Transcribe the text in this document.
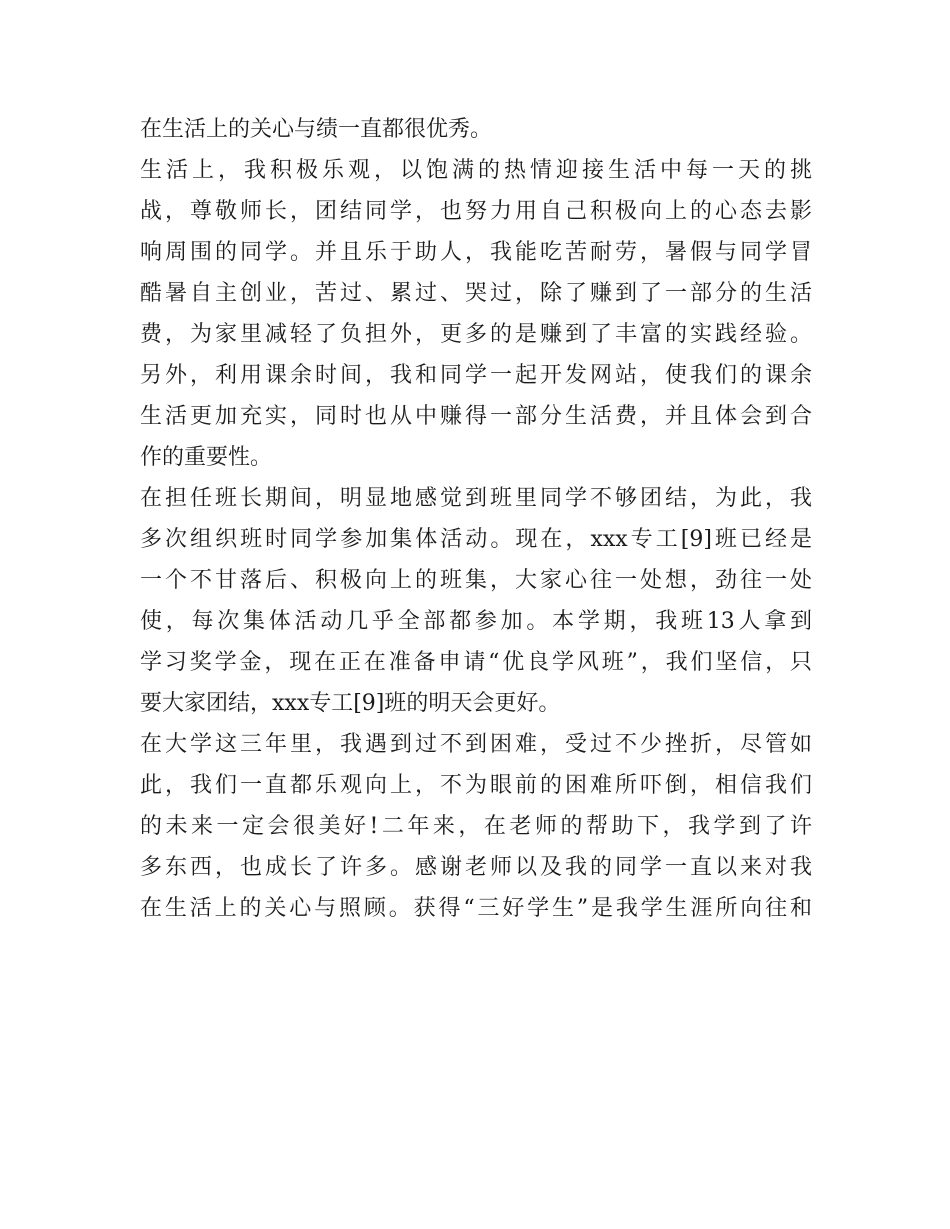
在生活上的关心与绩一直都很优秀。
生活上，我积极乐观，以饱满的热情迎接生活中每一天的挑
战，尊敬师长，团结同学，也努力用自己积极向上的心态去影
响周围的同学。并且乐于助人，我能吃苦耐劳，暑假与同学冒
酷暑自主创业，苦过、累过、哭过，除了赚到了一部分的生活
费，为家里减轻了负担外，更多的是赚到了丰富的实践经验。
另外，利用课余时间，我和同学一起开发网站，使我们的课余
生活更加充实，同时也从中赚得一部分生活费，并且体会到合
作的重要性。
在担任班长期间，明显地感觉到班里同学不够团结，为此，我
多次组织班时同学参加集体活动。现在，xxx专工[9]班已经是
一个不甘落后、积极向上的班集，大家心往一处想，劲往一处
使，每次集体活动几乎全部都参加。本学期，我班13人拿到
学习奖学金，现在正在准备申请“优良学风班”，我们坚信，只
要大家团结，xxx专工[9]班的明天会更好。
在大学这三年里，我遇到过不到困难，受过不少挫折，尽管如
此，我们一直都乐观向上，不为眼前的困难所吓倒，相信我们
的未来一定会很美好!二年来，在老师的帮助下，我学到了许
多东西，也成长了许多。感谢老师以及我的同学一直以来对我
在生活上的关心与照顾。获得“三好学生”是我学生涯所向往和
